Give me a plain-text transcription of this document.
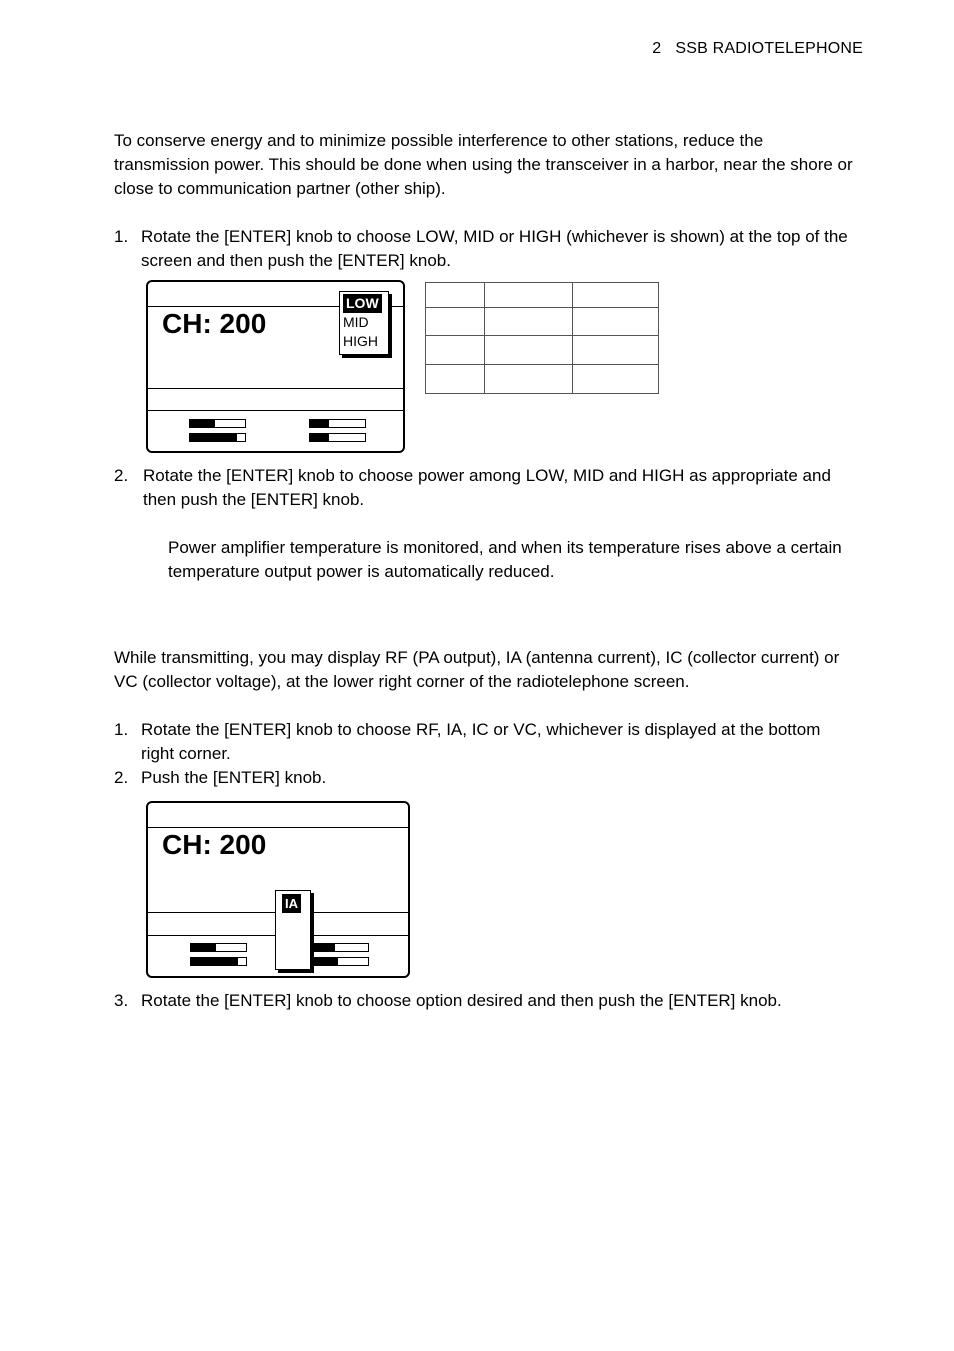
2 SSB RADIOTELEPHONE
To conserve energy and to minimize possible interference to other stations, reduce the transmission power. This should be done when using the transceiver in a harbor, near the shore or close to communication partner (other ship).
1. Rotate the [ENTER] knob to choose LOW, MID or HIGH (whichever is shown) at the top of the screen and then push the [ENTER] knob.
CH: 200
LOW
MID
HIGH

2. Rotate the [ENTER] knob to choose power among LOW, MID and HIGH as appropriate and then push the [ENTER] knob.
Power amplifier temperature is monitored, and when its temperature rises above a certain temperature output power is automatically reduced.
While transmitting, you may display RF (PA output), IA (antenna current), IC (collector current) or VC (collector voltage), at the lower right corner of the radiotelephone screen.
1. Rotate the [ENTER] knob to choose RF, IA, IC or VC, whichever is displayed at the bottom right corner.
2. Push the [ENTER] knob.
CH: 200
IA
3. Rotate the [ENTER] knob to choose option desired and then push the [ENTER] knob.
